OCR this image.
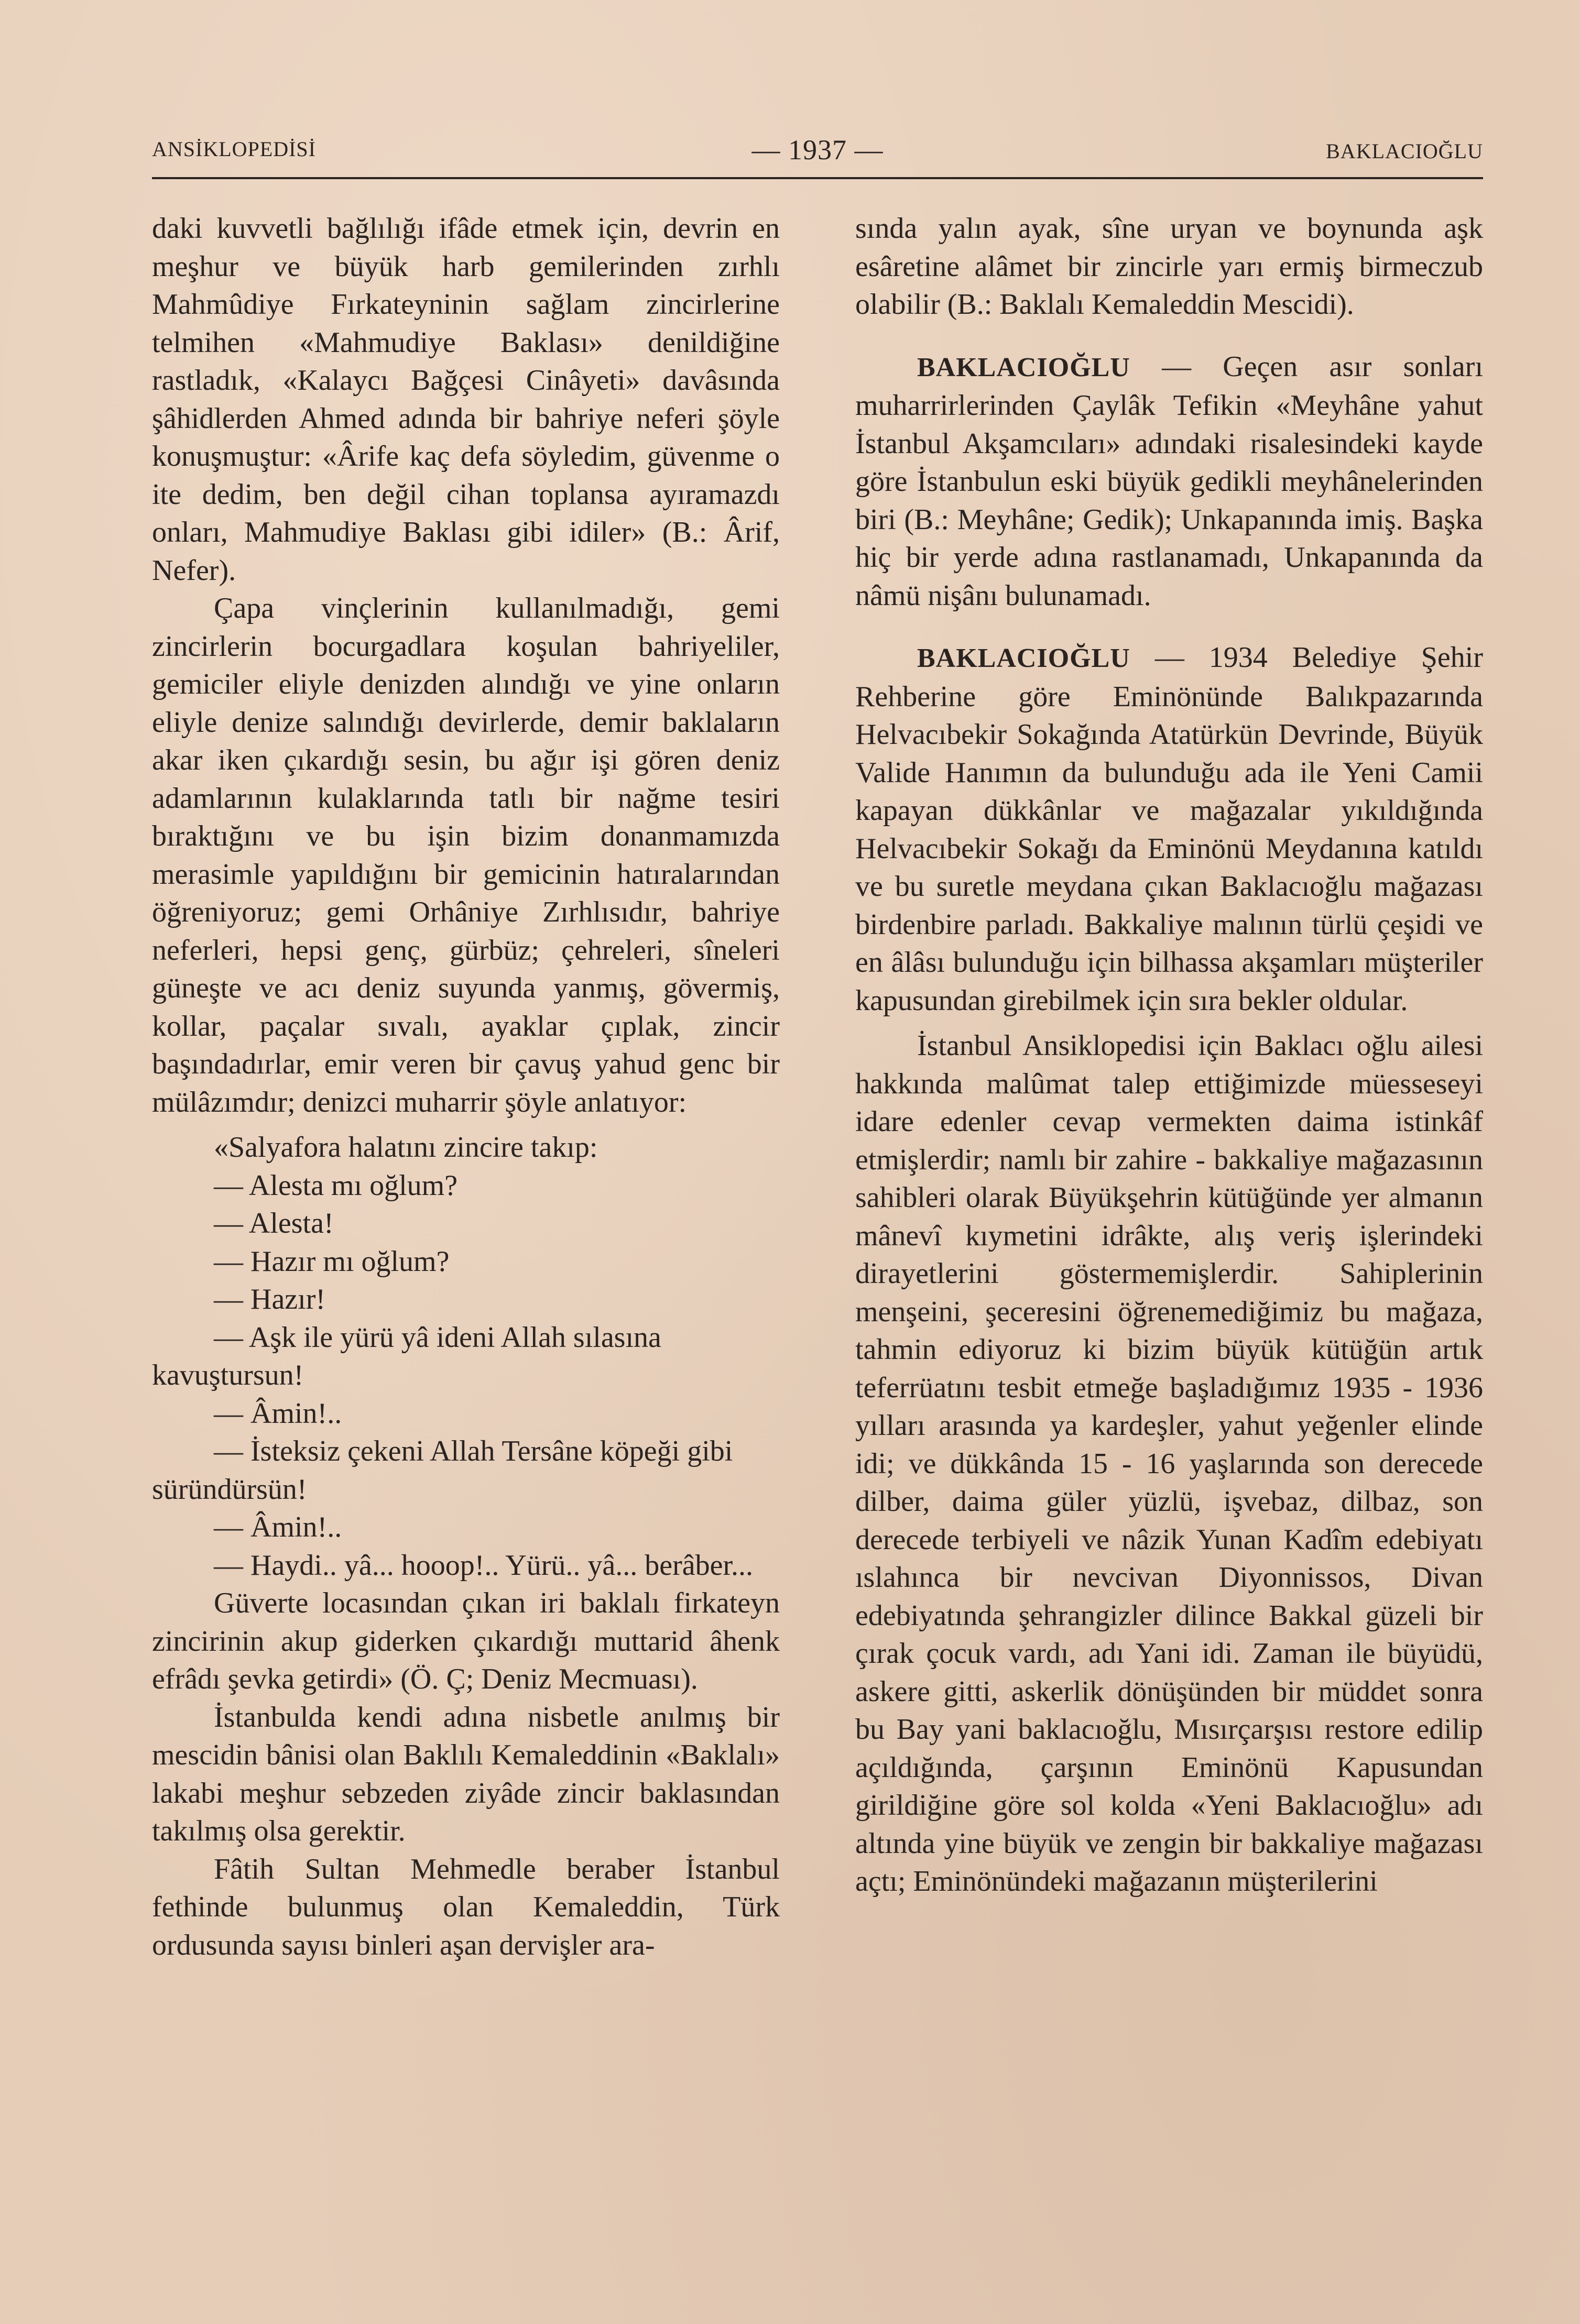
ANSİKLOPEDİSİ	— 1937 —	BAKLACIOĞLU

daki kuvvetli bağlılığı ifâde etmek için, devrin en meşhur ve büyük harb gemilerinden zırhlı Mahmûdiye Fırkateyninin sağlam zincirlerine telmihen «Mahmudiye Baklası» denildiğine rastladık, «Kalaycı Bağçesi Cinâyeti» davâsında şâhidlerden Ahmed adında bir bahriye neferi şöyle konuşmuştur: «Ârife kaç defa söyledim, güvenme o ite dedim, ben değil cihan toplansa ayıramazdı onları, Mahmudiye Baklası gibi idiler» (B.: Ârif, Nefer).

Çapa vinçlerinin kullanılmadığı, gemi zincirlerin bocurgadlara koşulan bahriyeliler, gemiciler eliyle denizden alındığı ve yine onların eliyle denize salındığı devirlerde, demir baklaların akar iken çıkardığı sesin, bu ağır işi gören deniz adamlarının kulaklarında tatlı bir nağme tesiri bıraktığını ve bu işin bizim donanmamızda merasimle yapıldığını bir gemicinin hatıralarından öğreniyoruz; gemi Orhâniye Zırhlısıdır, bahriye neferleri, hepsi genç, gürbüz; çehreleri, sîneleri güneşte ve acı deniz suyunda yanmış, gövermiş, kollar, paçalar sıvalı, ayaklar çıplak, zincir başındadırlar, emir veren bir çavuş yahud genc bir mülâzımdır; denizci muharrir şöyle anlatıyor:

«Salyafora halatını zincire takıp:

— Alesta mı oğlum?

— Alesta!

— Hazır mı oğlum?

— Hazır!

— Aşk ile yürü yâ ideni Allah sılasına kavuştursun!

— Âmin!..

— İsteksiz çekeni Allah Tersâne köpeği gibi süründürsün!

— Âmin!..

— Haydi.. yâ... hooop!.. Yürü.. yâ... berâber...

Güverte locasından çıkan iri baklalı firkateyn zincirinin akup giderken çıkardığı muttarid âhenk efrâdı şevka getirdi» (Ö. Ç; Deniz Mecmuası).

İstanbulda kendi adına nisbetle anılmış bir mescidin bânisi olan Baklılı Kemaleddinin «Baklalı» lakabi meşhur sebzeden ziyâde zincir baklasından takılmış olsa gerektir.

Fâtih Sultan Mehmedle beraber İstanbul fethinde bulunmuş olan Kemaleddin, Türk ordusunda sayısı binleri aşan dervişler ara-

sında yalın ayak, sîne uryan ve boynunda aşk esâretine alâmet bir zincirle yarı ermiş birmeczub olabilir (B.: Baklalı Kemaleddin Mescidi).

BAKLACIOĞLU — Geçen asır sonları muharrirlerinden Çaylâk Tefikin «Meyhâne yahut İstanbul Akşamcıları» adındaki risalesindeki kayde göre İstanbulun eski büyük gedikli meyhânelerinden biri (B.: Meyhâne; Gedik); Unkapanında imiş. Başka hiç bir yerde adına rastlanamadı, Unkapanında da nâmü nişânı bulunamadı.

BAKLACIOĞLU — 1934 Belediye Şehir Rehberine göre Eminönünde Balıkpazarında Helvacıbekir Sokağında Atatürkün Devrinde, Büyük Valide Hanımın da bulunduğu ada ile Yeni Camii kapayan dükkânlar ve mağazalar yıkıldığında Helvacıbekir Sokağı da Eminönü Meydanına katıldı ve bu suretle meydana çıkan Baklacıoğlu mağazası birdenbire parladı. Bakkaliye malının türlü çeşidi ve en âlâsı bulunduğu için bilhassa akşamları müşteriler kapusundan girebilmek için sıra bekler oldular.

İstanbul Ansiklopedisi için Baklacı oğlu ailesi hakkında malûmat talep ettiğimizde müesseseyi idare edenler cevap vermekten daima istinkâf etmişlerdir; namlı bir zahire - bakkaliye mağazasının sahibleri olarak Büyükşehrin kütüğünde yer almanın mânevî kıymetini idrâkte, alış veriş işlerindeki dirayetlerini göstermemişlerdir. Sahiplerinin menşeini, şeceresini öğrenemediğimiz bu mağaza, tahmin ediyoruz ki bizim büyük kütüğün artık teferrüatını tesbit etmeğe başladığımız 1935 - 1936 yılları arasında ya kardeşler, yahut yeğenler elinde idi; ve dükkânda 15 - 16 yaşlarında son derecede dilber, daima güler yüzlü, işvebaz, dilbaz, son derecede terbiyeli ve nâzik Yunan Kadîm edebiyatı ıslahınca bir nevcivan Diyonnissos, Divan edebiyatında şehrangizler dilince Bakkal güzeli bir çırak çocuk vardı, adı Yani idi. Zaman ile büyüdü, askere gitti, askerlik dönüşünden bir müddet sonra bu Bay yani baklacıoğlu, Mısırçarşısı restore edilip açıldığında, çarşının Eminönü Kapusundan girildiğine göre sol kolda «Yeni Baklacıoğlu» adı altında yine büyük ve zengin bir bakkaliye mağazası açtı; Eminönündeki mağazanın müşterilerini
